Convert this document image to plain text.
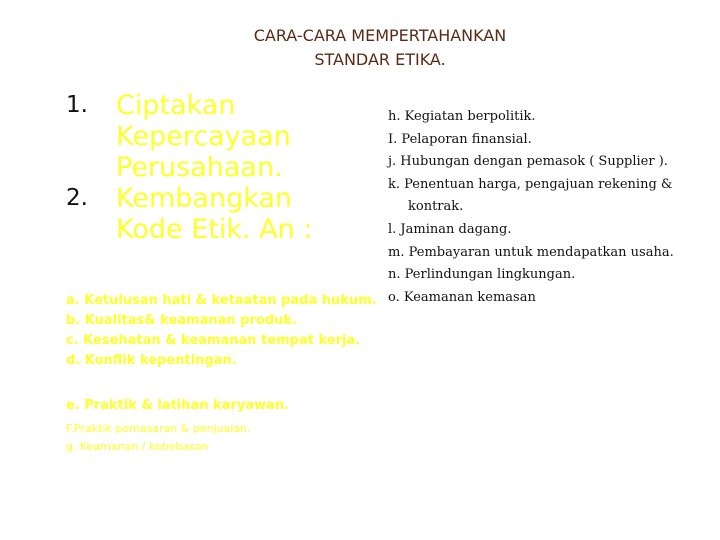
CARA-CARA MEMPERTAHANKAN
STANDAR ETIKA.
1. Ciptakan Kepercayaan Perusahaan.
2. Kembangkan Kode Etik. An :
a. Ketulusan hati & ketaatan pada hukum.
b. Kualitas& keamanan produk.
c. Kesehatan & keamanan tempat kerja.
d. Konflik kepentingan.
e. Praktik & latihan karyawan.
F.Praktik pemasaran & penjualan.
g. Keamanan / kebebasan
h. Kegiatan berpolitik.
I. Pelaporan finansial.
j. Hubungan dengan pemasok ( Supplier ).
k. Penentuan harga, pengajuan rekening &
kontrak.
l. Jaminan dagang.
m. Pembayaran untuk mendapatkan usaha.
n. Perlindungan lingkungan.
o. Keamanan kemasan
